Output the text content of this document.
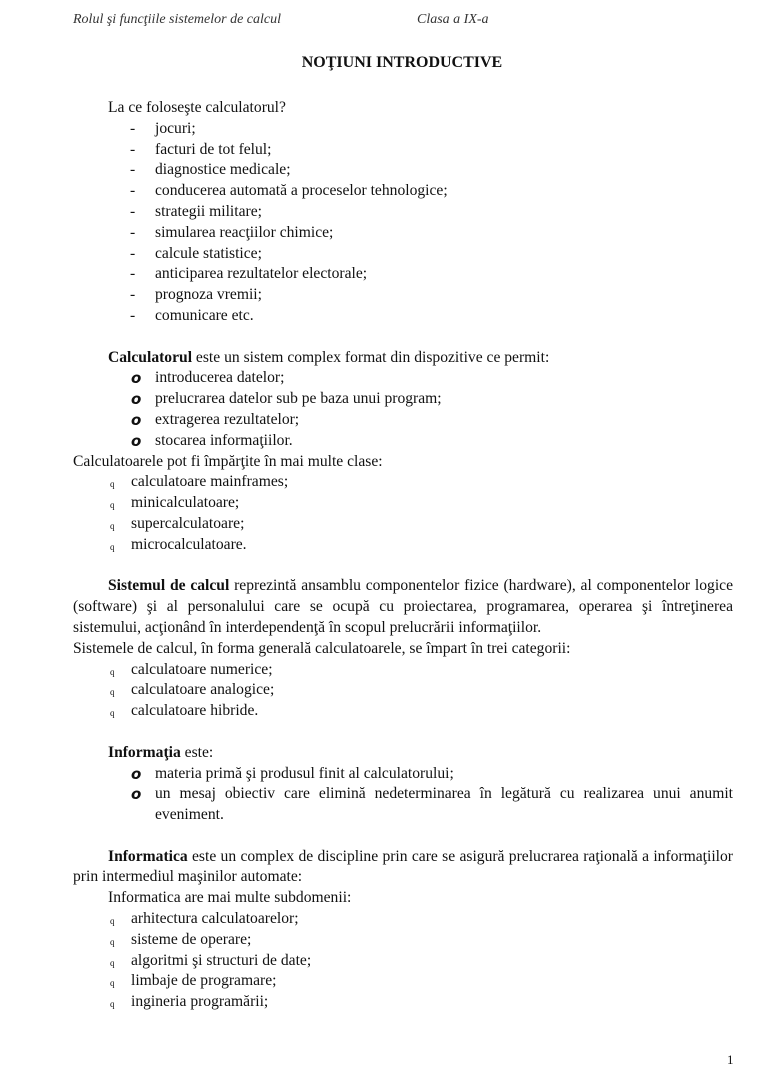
Rolul şi funcţiile sistemelor de calcul	Clasa a IX-a
NOŢIUNI INTRODUCTIVE

La ce foloseşte calculatorul?

- jocuri;
- facturi de tot felul;
- diagnostice medicale;
- conducerea automată a proceselor tehnologice;
- strategii militare;
- simularea reacţiilor chimice;
- calcule statistice;
- anticiparea rezultatelor electorale;
- prognoza vremii;
- comunicare etc.

Calculatorul este un sistem complex format din dispozitive ce permit:

o introducerea datelor;
o prelucrarea datelor sub pe baza unui program;
o extragerea rezultatelor;
o stocarea informaţiilor.

Calculatoarele pot fi împărţite în mai multe clase:

q calculatoare mainframes;
q minicalculatoare;
q supercalculatoare;
q microcalculatoare.

Sistemul de calcul reprezintă ansamblu componentelor fizice (hardware), al componentelor logice (software) şi al personalului care se ocupă cu proiectarea, programarea, operarea şi întreţinerea sistemului, acţionând în interdependenţă în scopul prelucrării informaţiilor.

Sistemele de calcul, în forma generală calculatoarele, se împart în trei categorii:

q calculatoare numerice;
q calculatoare analogice;
q calculatoare hibride.

Informaţia este:

o materia primă şi produsul finit al calculatorului;
o un mesaj obiectiv care elimină nedeterminarea în legătură cu realizarea unui anumit eveniment.

Informatica este un complex de discipline prin care se asigură prelucrarea raţională a informaţiilor prin intermediul maşinilor automate:

Informatica are mai multe subdomenii:

q arhitectura calculatoarelor;
q sisteme de operare;
q algoritmi şi structuri de date;
q limbaje de programare;
q ingineria programării;
1
